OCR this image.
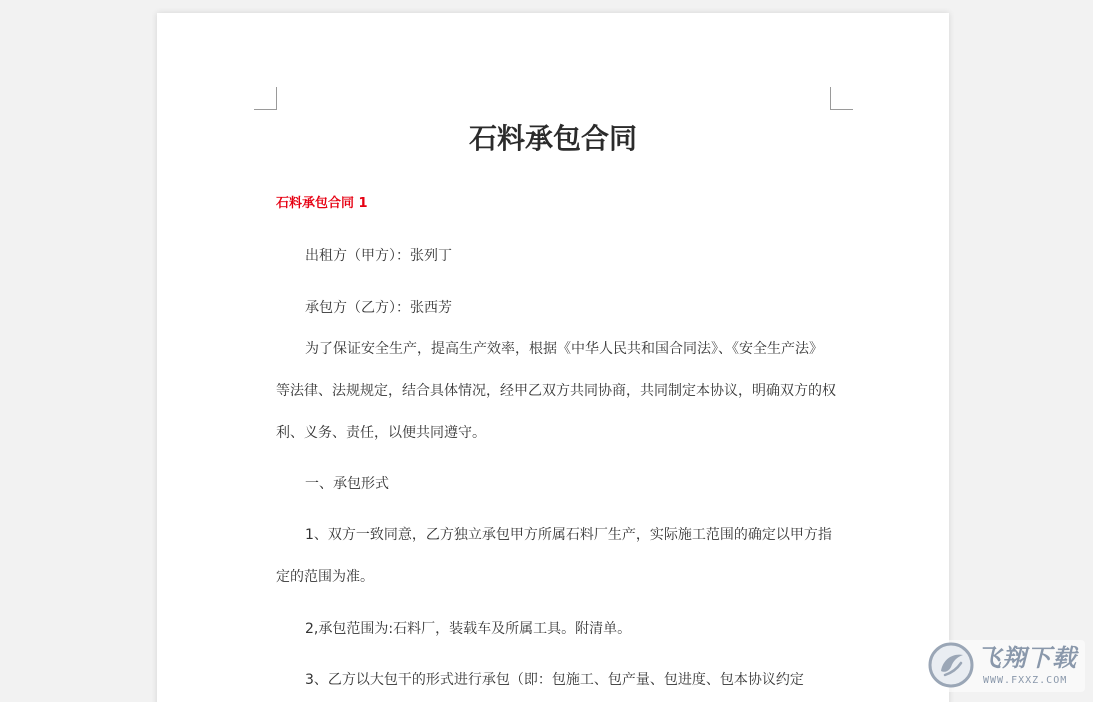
石料承包合同

石料承包合同 1

出租方（甲方）：张列丁

承包方（乙方）：张西芳

为了保证安全生产，提高生产效率，根据《中华人民共和国合同法》、《安全生产法》等法律、法规规定，结合具体情况，经甲乙双方共同协商，共同制定本协议，明确双方的权利、义务、责任，以便共同遵守。

一、承包形式

1、双方一致同意，乙方独立承包甲方所属石料厂生产，实际施工范围的确定以甲方指定的范围为准。

2,承包范围为:石料厂，装载车及所属工具。附清单。

3、乙方以大包干的形式进行承包（即：包施工、包产量、包进度、包本协议约定

飞翔下载
WWW.FXXZ.COM
